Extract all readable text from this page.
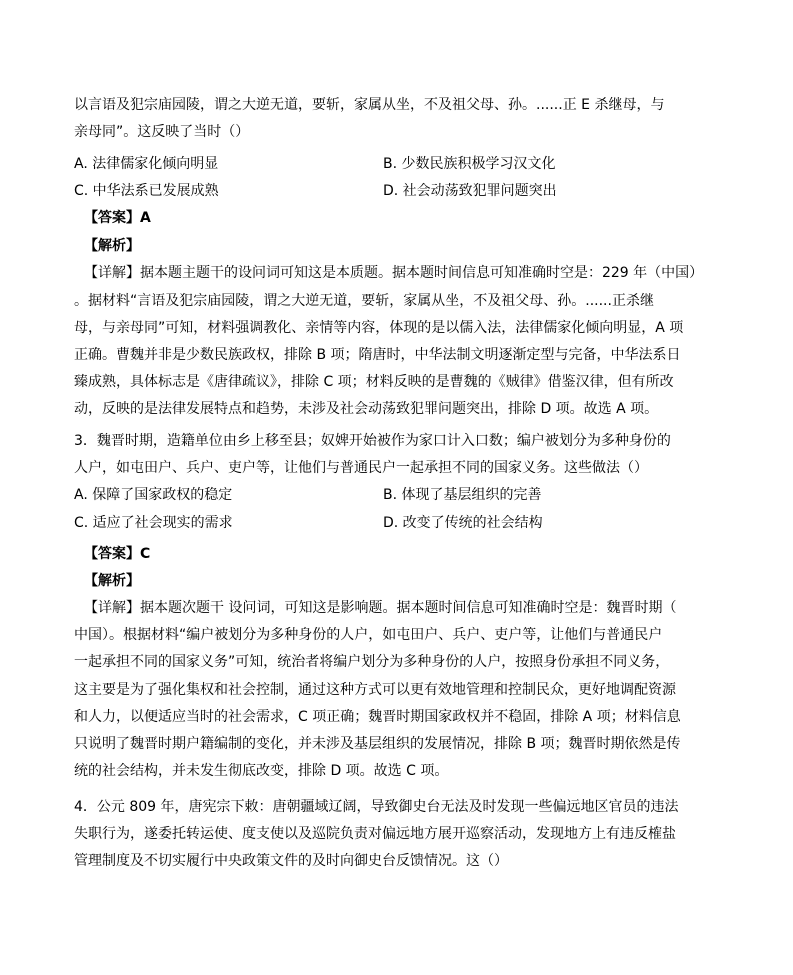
以言语及犯宗庙园陵，谓之大逆无道，要斩，家属从坐，不及祖父母、孙。......正 E 杀继母，与
亲母同”。这反映了当时（）
A. 法律儒家化倾向明显	B. 少数民族积极学习汉文化
C. 中华法系已发展成熟	D. 社会动荡致犯罪问题突出
【答案】A
【解析】
【详解】据本题主题干的设问词可知这是本质题。据本题时间信息可知准确时空是：229 年（中国）
。据材料“言语及犯宗庙园陵，谓之大逆无道，要斩，家属从坐，不及祖父母、孙。......正杀继
母，与亲母同”可知，材料强调教化、亲情等内容，体现的是以儒入法，法律儒家化倾向明显，A 项
正确。曹魏并非是少数民族政权，排除 B 项；隋唐时，中华法制文明逐渐定型与完备，中华法系日
臻成熟，具体标志是《唐律疏议》，排除 C 项；材料反映的是曹魏的《贼律》借鉴汉律，但有所改
动，反映的是法律发展特点和趋势，未涉及社会动荡致犯罪问题突出，排除 D 项。故选 A 项。
3．魏晋时期，造籍单位由乡上移至县；奴婢开始被作为家口计入口数；编户被划分为多种身份的
人户，如屯田户、兵户、吏户等，让他们与普通民户一起承担不同的国家义务。这些做法（）
A. 保障了国家政权的稳定	B. 体现了基层组织的完善
C. 适应了社会现实的需求	D. 改变了传统的社会结构
【答案】C
【解析】
【详解】据本题次题干 设问词，可知这是影响题。据本题时间信息可知准确时空是：魏晋时期（
中国）。根据材料“编户被划分为多种身份的人户，如屯田户、兵户、吏户等，让他们与普通民户
一起承担不同的国家义务”可知，统治者将编户划分为多种身份的人户，按照身份承担不同义务，
这主要是为了强化集权和社会控制，通过这种方式可以更有效地管理和控制民众，更好地调配资源
和人力，以便适应当时的社会需求，C 项正确；魏晋时期国家政权并不稳固，排除 A 项；材料信息
只说明了魏晋时期户籍编制的变化，并未涉及基层组织的发展情况，排除 B 项；魏晋时期依然是传
统的社会结构，并未发生彻底改变，排除 D 项。故选 C 项。
4．公元 809 年，唐宪宗下敕：唐朝疆域辽阔，导致御史台无法及时发现一些偏远地区官员的违法
失职行为，遂委托转运使、度支使以及巡院负责对偏远地方展开巡察活动，发现地方上有违反榷盐
管理制度及不切实履行中央政策文件的及时向御史台反馈情况。这（）
